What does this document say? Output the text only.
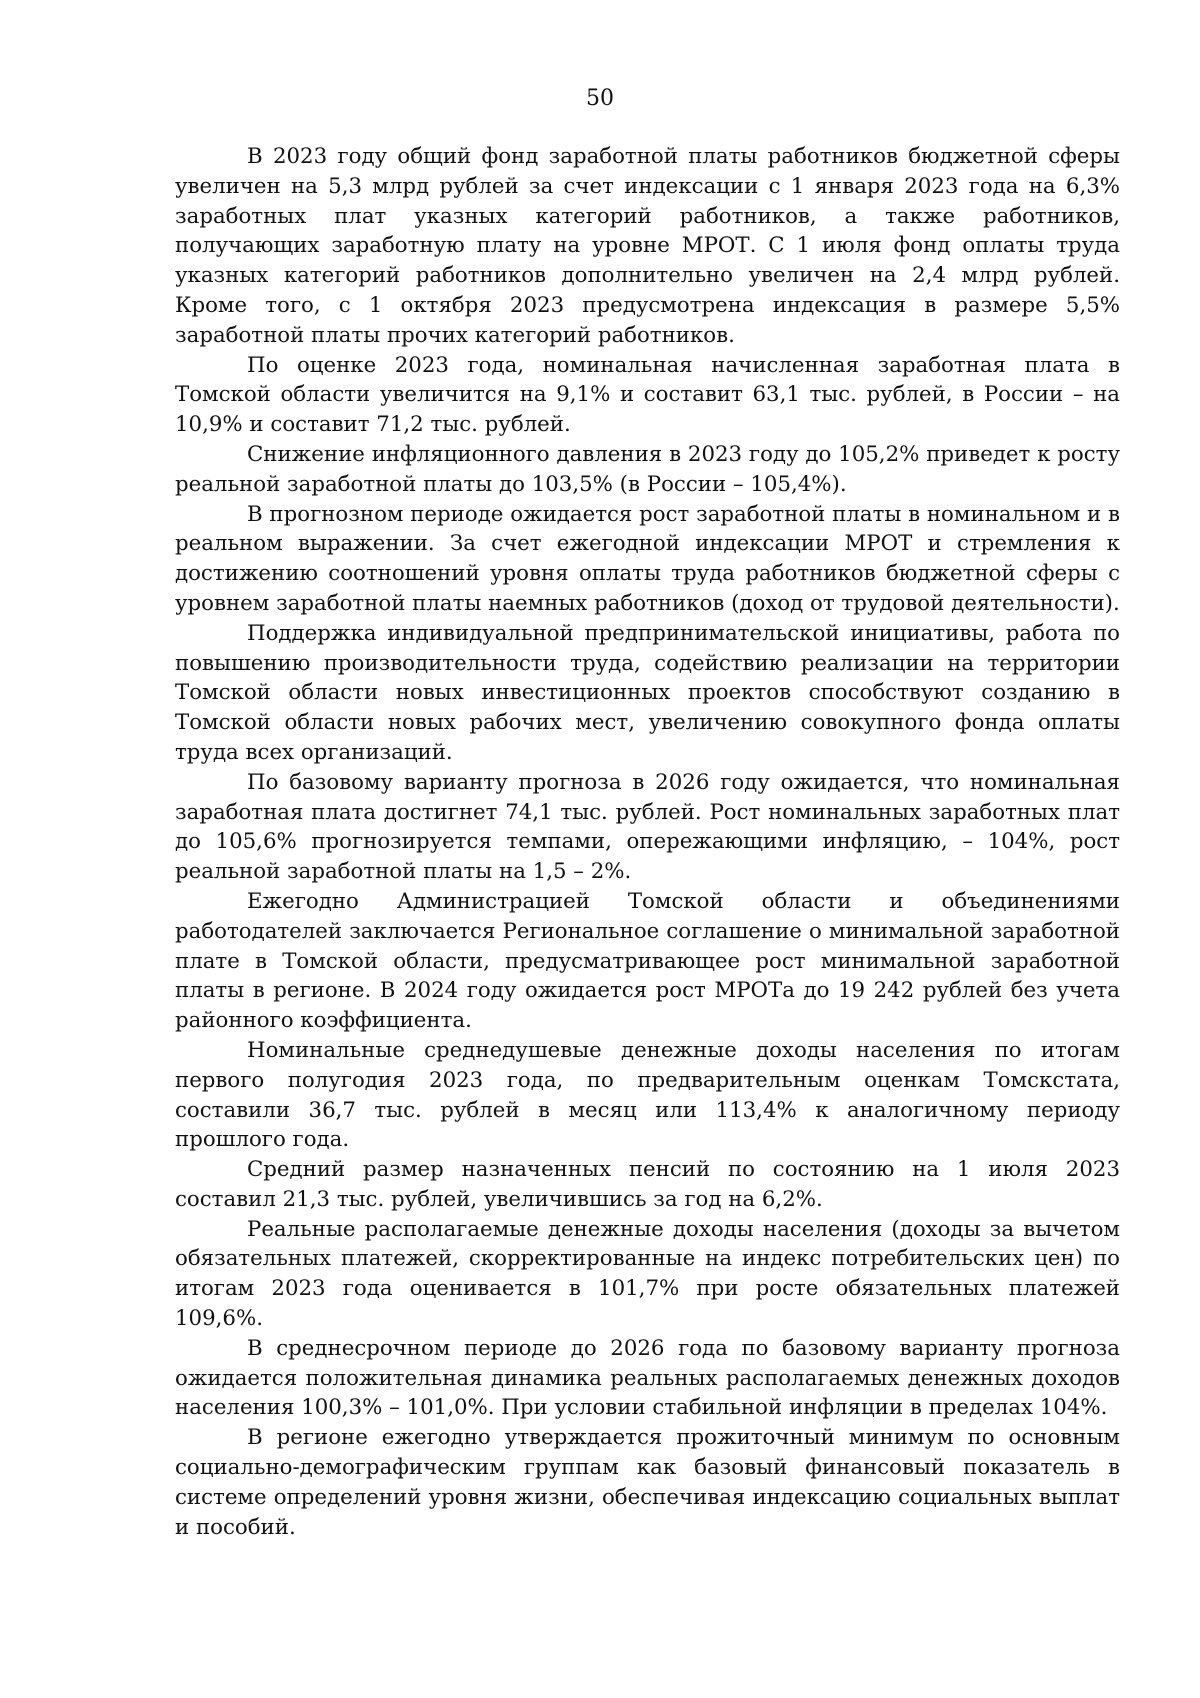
50

В 2023 году общий фонд заработной платы работников бюджетной сферы увеличен на 5,3 млрд рублей за счет индексации с 1 января 2023 года на 6,3% заработных плат указных категорий работников, а также работников, получающих заработную плату на уровне МРОТ. С 1 июля фонд оплаты труда указных категорий работников дополнительно увеличен на 2,4 млрд рублей. Кроме того, с 1 октября 2023 предусмотрена индексация в размере 5,5% заработной платы прочих категорий работников.

По оценке 2023 года, номинальная начисленная заработная плата в Томской области увеличится на 9,1% и составит 63,1 тыс. рублей, в России – на 10,9% и составит 71,2 тыс. рублей.

Снижение инфляционного давления в 2023 году до 105,2% приведет к росту реальной заработной платы до 103,5% (в России – 105,4%).

В прогнозном периоде ожидается рост заработной платы в номинальном и в реальном выражении. За счет ежегодной индексации МРОТ и стремления к достижению соотношений уровня оплаты труда работников бюджетной сферы с уровнем заработной платы наемных работников (доход от трудовой деятельности).

Поддержка индивидуальной предпринимательской инициативы, работа по повышению производительности труда, содействию реализации на территории Томской области новых инвестиционных проектов способствуют созданию в Томской области новых рабочих мест, увеличению совокупного фонда оплаты труда всех организаций.

По базовому варианту прогноза в 2026 году ожидается, что номинальная заработная плата достигнет 74,1 тыс. рублей. Рост номинальных заработных плат до 105,6% прогнозируется темпами, опережающими инфляцию, – 104%, рост реальной заработной платы на 1,5 – 2%.

Ежегодно Администрацией Томской области и объединениями работодателей заключается Региональное соглашение о минимальной заработной плате в Томской области, предусматривающее рост минимальной заработной платы в регионе. В 2024 году ожидается рост МРОТа до 19 242 рублей без учета районного коэффициента.

Номинальные среднедушевые денежные доходы населения по итогам первого полугодия 2023 года, по предварительным оценкам Томскстата, составили 36,7 тыс. рублей в месяц или 113,4% к аналогичному периоду прошлого года.

Средний размер назначенных пенсий по состоянию на 1 июля 2023 составил 21,3 тыс. рублей, увеличившись за год на 6,2%.

Реальные располагаемые денежные доходы населения (доходы за вычетом обязательных платежей, скорректированные на индекс потребительских цен) по итогам 2023 года оценивается в 101,7% при росте обязательных платежей 109,6%.

В среднесрочном периоде до 2026 года по базовому варианту прогноза ожидается положительная динамика реальных располагаемых денежных доходов населения 100,3% – 101,0%. При условии стабильной инфляции в пределах 104%.

В регионе ежегодно утверждается прожиточный минимум по основным социально-демографическим группам как базовый финансовый показатель в системе определений уровня жизни, обеспечивая индексацию социальных выплат и пособий.
